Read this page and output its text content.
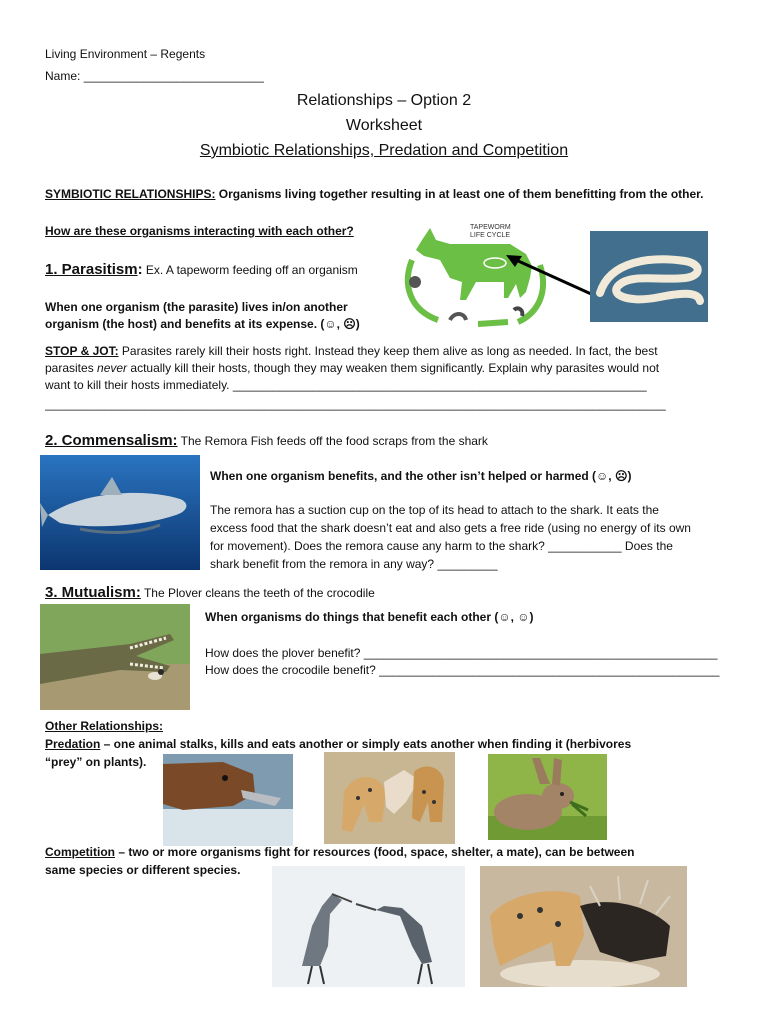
Living Environment – Regents
Name: ___________________________
Relationships – Option 2
Worksheet
Symbiotic Relationships, Predation and Competition
SYMBIOTIC RELATIONSHIPS: Organisms living together resulting in at least one of them benefitting from the other.
How are these organisms interacting with each other?
1. Parasitism: Ex. A tapeworm feeding off an organism
When one organism (the parasite) lives in/on another
organism (the host) and benefits at its expense. (☺, ☹)
TAPEWORM
LIFE CYCLE
STOP & JOT: Parasites rarely kill their hosts right. Instead they keep them alive as long as needed. In fact, the best
parasites never actually kill their hosts, though they may weaken them significantly. Explain why parasites would not
want to kill their hosts immediately. ______________________________________________________________
_____________________________________________________________________________________________
2. Commensalism: The Remora Fish feeds off the food scraps from the shark
When one organism benefits, and the other isn’t helped or harmed (☺, ☹)
The remora has a suction cup on the top of its head to attach to the shark. It eats the
excess food that the shark doesn’t eat and also gets a free ride (using no energy of its own
for movement). Does the remora cause any harm to the shark? ___________ Does the
shark benefit from the remora in any way? _________
3. Mutualism: The Plover cleans the teeth of the crocodile
When organisms do things that benefit each other (☺, ☺)
How does the plover benefit? _____________________________________________________
How does the crocodile benefit? ___________________________________________________
Other Relationships:
Predation – one animal stalks, kills and eats another or simply eats another when finding it (herbivores
“prey” on plants).
Competition – two or more organisms fight for resources (food, space, shelter, a mate), can be between
same species or different species.
